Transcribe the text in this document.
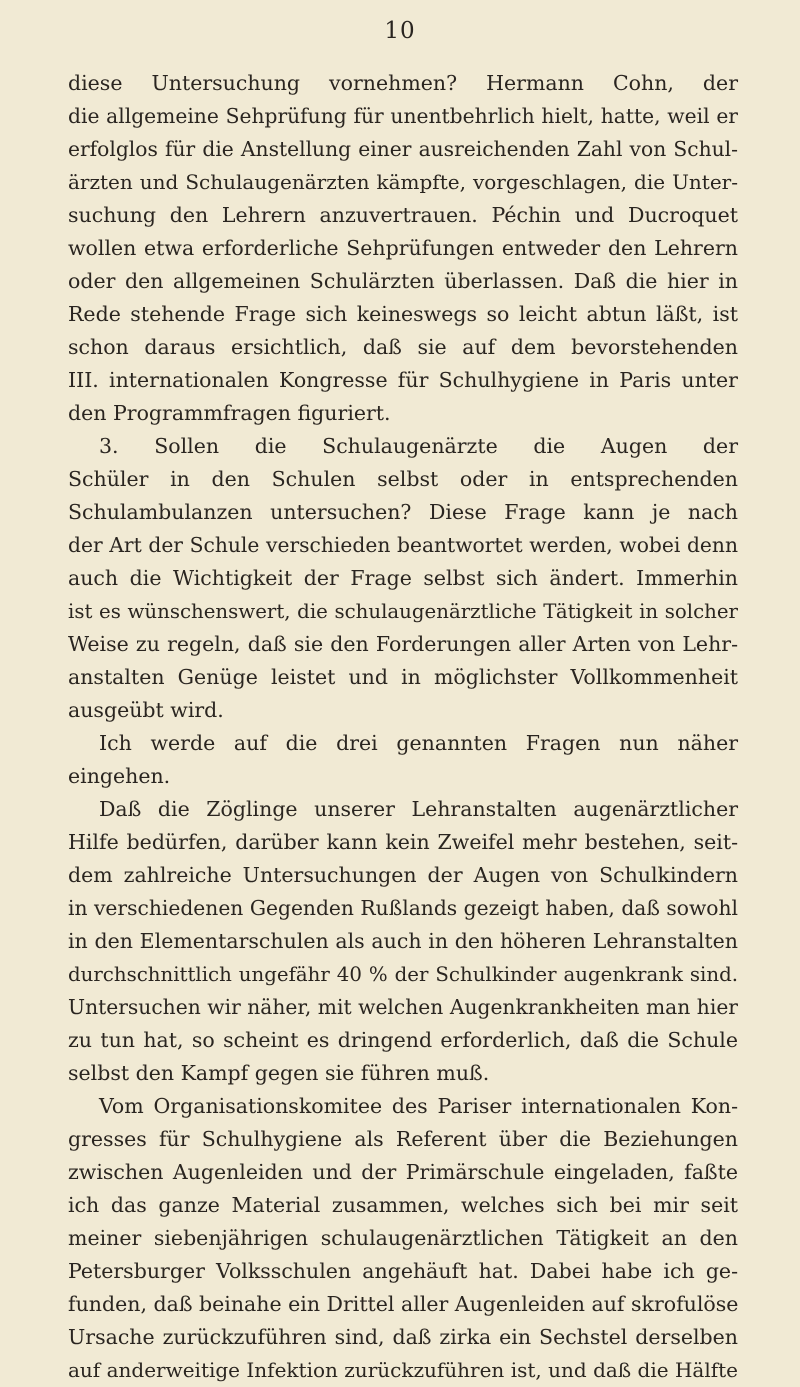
10
diese Untersuchung vornehmen? Hermann Cohn, der
die allgemeine Sehprüfung für unentbehrlich hielt, hatte, weil er
erfolglos für die Anstellung einer ausreichenden Zahl von Schul-
ärzten und Schulaugenärzten kämpfte, vorgeschlagen, die Unter-
suchung den Lehrern anzuvertrauen. Péchin und Ducroquet
wollen etwa erforderliche Sehprüfungen entweder den Lehrern
oder den allgemeinen Schulärzten überlassen. Daß die hier in
Rede stehende Frage sich keineswegs so leicht abtun läßt, ist
schon daraus ersichtlich, daß sie auf dem bevorstehenden
III. internationalen Kongresse für Schulhygiene in Paris unter
den Programmfragen figuriert.
3. Sollen die Schulaugenärzte die Augen der
Schüler in den Schulen selbst oder in entsprechenden
Schulambulanzen untersuchen? Diese Frage kann je nach
der Art der Schule verschieden beantwortet werden, wobei denn
auch die Wichtigkeit der Frage selbst sich ändert. Immerhin
ist es wünschenswert, die schulaugenärztliche Tätigkeit in solcher
Weise zu regeln, daß sie den Forderungen aller Arten von Lehr-
anstalten Genüge leistet und in möglichster Vollkommenheit
ausgeübt wird.
Ich werde auf die drei genannten Fragen nun näher
eingehen.
Daß die Zöglinge unserer Lehranstalten augenärztlicher
Hilfe bedürfen, darüber kann kein Zweifel mehr bestehen, seit-
dem zahlreiche Untersuchungen der Augen von Schulkindern
in verschiedenen Gegenden Rußlands gezeigt haben, daß sowohl
in den Elementarschulen als auch in den höheren Lehranstalten
durchschnittlich ungefähr 40 % der Schulkinder augenkrank sind.
Untersuchen wir näher, mit welchen Augenkrankheiten man hier
zu tun hat, so scheint es dringend erforderlich, daß die Schule
selbst den Kampf gegen sie führen muß.
Vom Organisationskomitee des Pariser internationalen Kon-
gresses für Schulhygiene als Referent über die Beziehungen
zwischen Augenleiden und der Primärschule eingeladen, faßte
ich das ganze Material zusammen, welches sich bei mir seit
meiner siebenjährigen schulaugenärztlichen Tätigkeit an den
Petersburger Volksschulen angehäuft hat. Dabei habe ich ge-
funden, daß beinahe ein Drittel aller Augenleiden auf skrofulöse
Ursache zurückzuführen sind, daß zirka ein Sechstel derselben
auf anderweitige Infektion zurückzuführen ist, und daß die Hälfte
